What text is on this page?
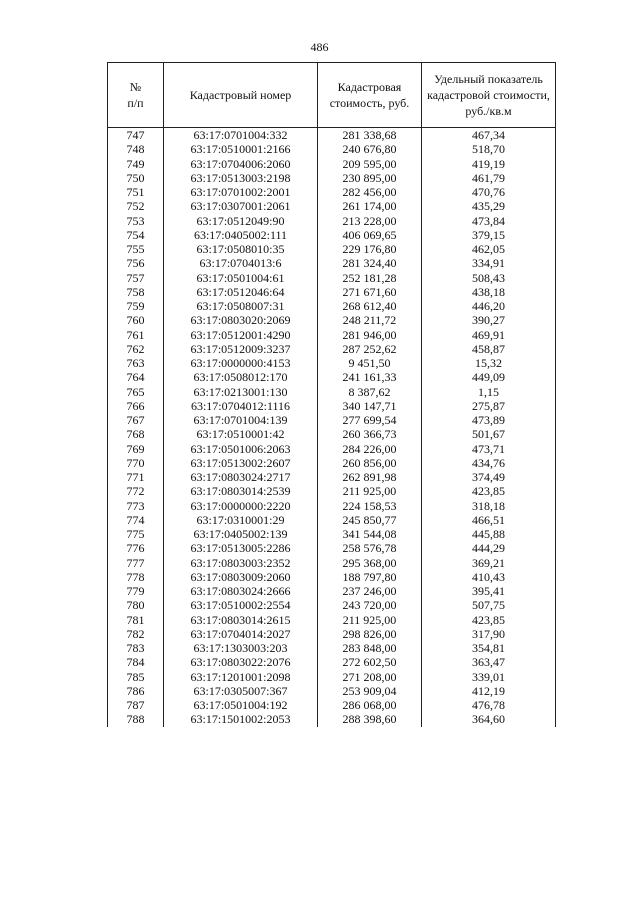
486
№
п/п	Кадастровый номер	Кадастровая стоимость, руб.	Удельный показатель кадастровой стоимости, руб./кв.м
747	63:17:0701004:332	281 338,68	467,34
748	63:17:0510001:2166	240 676,80	518,70
749	63:17:0704006:2060	209 595,00	419,19
750	63:17:0513003:2198	230 895,00	461,79
751	63:17:0701002:2001	282 456,00	470,76
752	63:17:0307001:2061	261 174,00	435,29
753	63:17:0512049:90	213 228,00	473,84
754	63:17:0405002:111	406 069,65	379,15
755	63:17:0508010:35	229 176,80	462,05
756	63:17:0704013:6	281 324,40	334,91
757	63:17:0501004:61	252 181,28	508,43
758	63:17:0512046:64	271 671,60	438,18
759	63:17:0508007:31	268 612,40	446,20
760	63:17:0803020:2069	248 211,72	390,27
761	63:17:0512001:4290	281 946,00	469,91
762	63:17:0512009:3237	287 252,62	458,87
763	63:17:0000000:4153	9 451,50	15,32
764	63:17:0508012:170	241 161,33	449,09
765	63:17:0213001:130	8 387,62	1,15
766	63:17:0704012:1116	340 147,71	275,87
767	63:17:0701004:139	277 699,54	473,89
768	63:17:0510001:42	260 366,73	501,67
769	63:17:0501006:2063	284 226,00	473,71
770	63:17:0513002:2607	260 856,00	434,76
771	63:17:0803024:2717	262 891,98	374,49
772	63:17:0803014:2539	211 925,00	423,85
773	63:17:0000000:2220	224 158,53	318,18
774	63:17:0310001:29	245 850,77	466,51
775	63:17:0405002:139	341 544,08	445,88
776	63:17:0513005:2286	258 576,78	444,29
777	63:17:0803003:2352	295 368,00	369,21
778	63:17:0803009:2060	188 797,80	410,43
779	63:17:0803024:2666	237 246,00	395,41
780	63:17:0510002:2554	243 720,00	507,75
781	63:17:0803014:2615	211 925,00	423,85
782	63:17:0704014:2027	298 826,00	317,90
783	63:17:1303003:203	283 848,00	354,81
784	63:17:0803022:2076	272 602,50	363,47
785	63:17:1201001:2098	271 208,00	339,01
786	63:17:0305007:367	253 909,04	412,19
787	63:17:0501004:192	286 068,00	476,78
788	63:17:1501002:2053	288 398,60	364,60
